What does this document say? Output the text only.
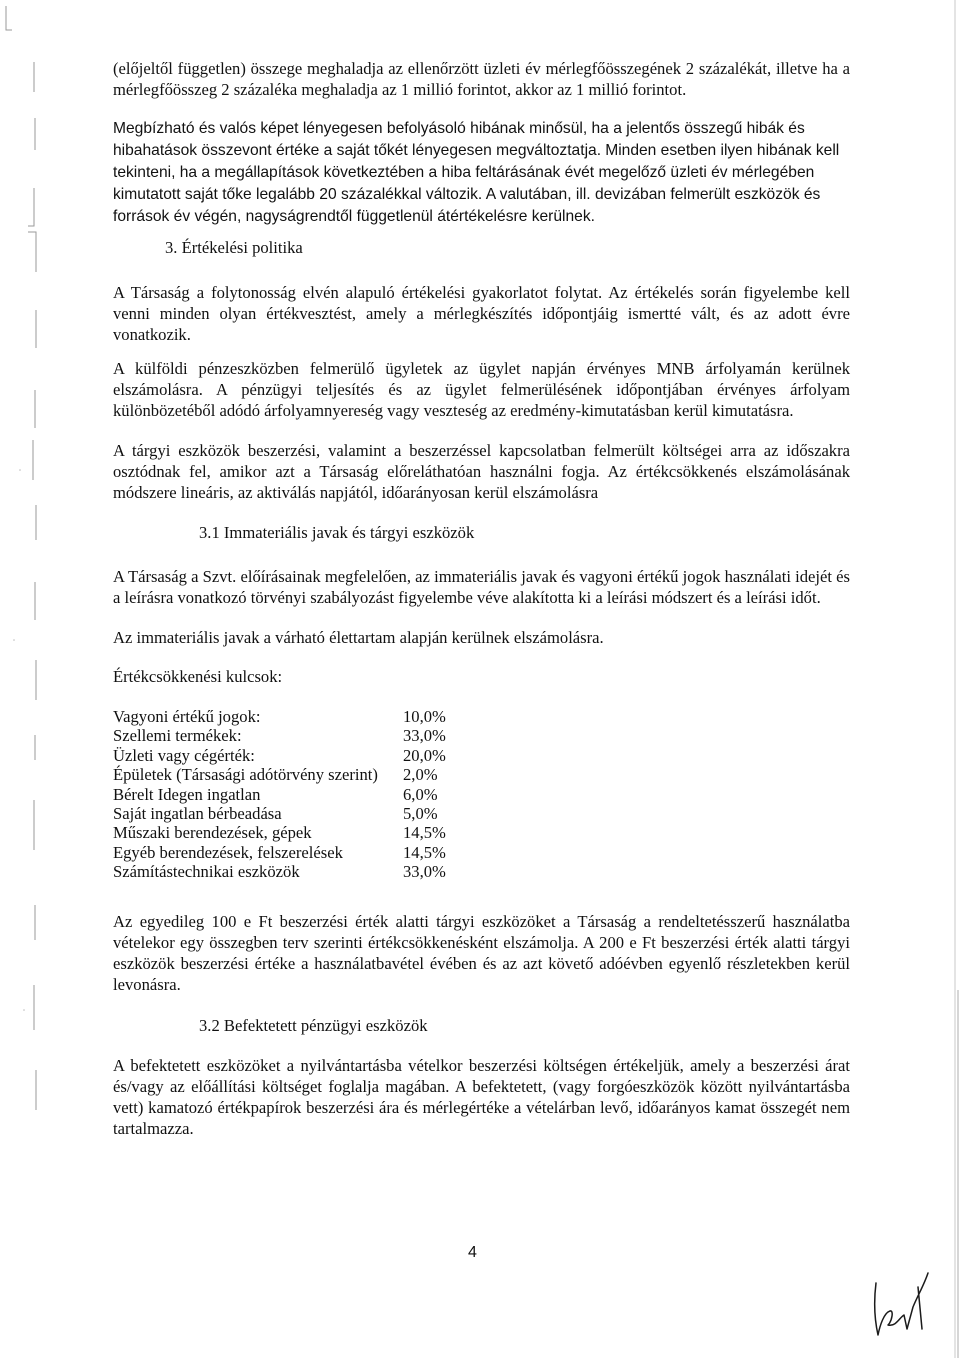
(előjeltől független) összege meghaladja az ellenőrzött üzleti év mérlegfőösszegének 2 százalékát, illetve ha a mérlegfőösszeg 2 százaléka meghaladja az 1 millió forintot, akkor az 1 millió forintot.
Megbízható és valós képet lényegesen befolyásoló hibának minősül, ha a jelentős összegű hibák és hibahatások összevont értéke a saját tőkét lényegesen megváltoztatja. Minden esetben ilyen hibának kell tekinteni, ha a megállapítások következtében a hiba feltárásának évét megelőző üzleti év mérlegében kimutatott saját tőke legalább 20 százalékkal változik. A valutában, ill. devizában felmerült eszközök és források év végén, nagyságrendtől függetlenül átértékelésre kerülnek.
3. Értékelési politika
A Társaság a folytonosság elvén alapuló értékelési gyakorlatot folytat. Az értékelés során figyelembe kell venni minden olyan értékvesztést, amely a mérlegkészítés időpontjáig ismertté vált, és az adott évre vonatkozik.
A külföldi pénzeszközben felmerülő ügyletek az ügylet napján érvényes MNB árfolyamán kerülnek elszámolásra. A pénzügyi teljesítés és az ügylet felmerülésének időpontjában érvényes árfolyam különbözetéből adódó árfolyamnyereség vagy veszteség az eredmény-kimutatásban kerül kimutatásra.
A tárgyi eszközök beszerzési, valamint a beszerzéssel kapcsolatban felmerült költségei arra az időszakra osztódnak fel, amikor azt a Társaság előreláthatóan használni fogja. Az értékcsökkenés elszámolásának módszere lineáris, az aktiválás napjától, időarányosan kerül elszámolásra
3.1 Immateriális javak és tárgyi eszközök
A Társaság a Szvt. előírásainak megfelelően, az immateriális javak és vagyoni értékű jogok használati idejét és a leírásra vonatkozó törvényi szabályozást figyelembe véve alakította ki a leírási módszert és a leírási időt.
Az immateriális javak a várható élettartam alapján kerülnek elszámolásra.
Értékcsökkenési kulcsok:
Vagyoni értékű jogok:	10,0%
Szellemi termékek:	33,0%
Üzleti vagy cégérték:	20,0%
Épületek (Társasági adótörvény szerint)	2,0%
Bérelt Idegen ingatlan	6,0%
Saját ingatlan bérbeadása	5,0%
Műszaki berendezések, gépek	14,5%
Egyéb berendezések, felszerelések	14,5%
Számítástechnikai eszközök	33,0%
Az egyedileg 100 e Ft beszerzési érték alatti tárgyi eszközöket a Társaság a rendeltetésszerű használatba vételekor egy összegben terv szerinti értékcsökkenésként elszámolja. A 200 e Ft beszerzési érték alatti tárgyi eszközök beszerzési értéke a használatbavétel évében és az azt követő adóévben egyenlő részletekben kerül levonásra.
3.2 Befektetett pénzügyi eszközök
A befektetett eszközöket a nyilvántartásba vételkor beszerzési költségen értékeljük, amely a beszerzési árat és/vagy az előállítási költséget foglalja magában. A befektetett, (vagy forgóeszközök között nyilvántartásba vett) kamatozó értékpapírok beszerzési ára és mérlegértéke a vételárban levő, időarányos kamat összegét nem tartalmazza.
4
